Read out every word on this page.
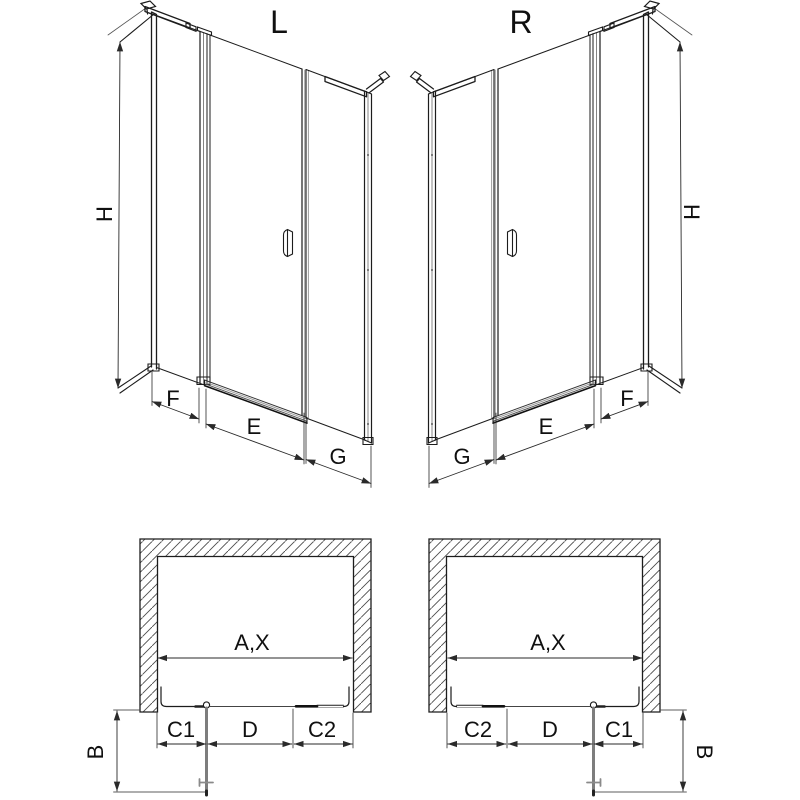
L
H
F
E
G
R
H
F
E
G
A,X
C1 D C2
B
A,X
C2 D C1
B
